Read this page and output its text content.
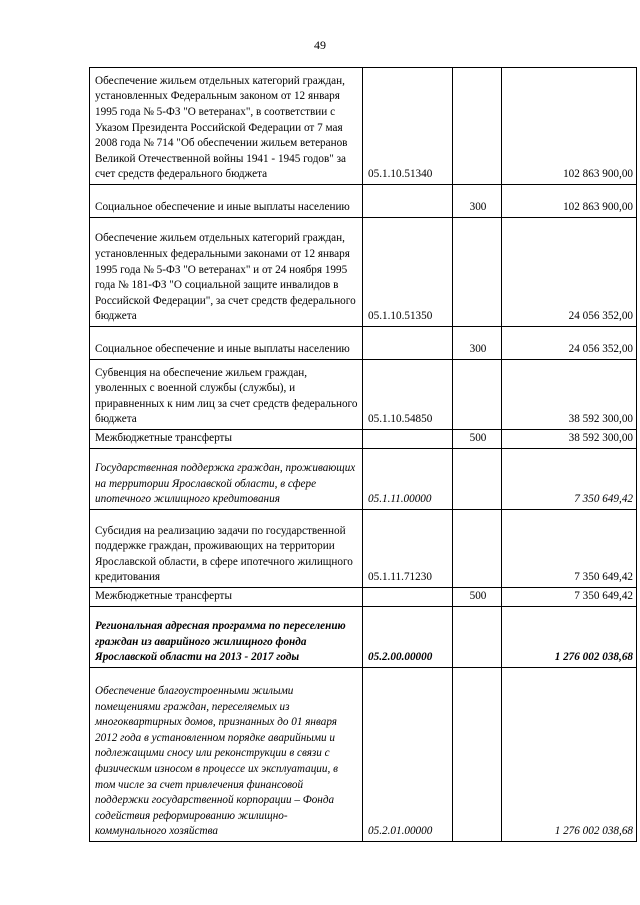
49
Обеспечение жильем отдельных категорий граждан, установленных Федеральным законом от 12 января 1995 года № 5-ФЗ "О ветеранах", в соответствии с Указом Президента Российской Федерации от 7 мая 2008 года № 714 "Об обеспечении жильем ветеранов Великой Отечественной войны 1941 - 1945 годов" за счет средств федерального бюджета	05.1.10.51340		102 863 900,00
Социальное обеспечение и иные выплаты населению		300	102 863 900,00
Обеспечение жильем отдельных категорий граждан, установленных федеральными законами от 12 января 1995 года № 5-ФЗ "О ветеранах" и от 24 ноября 1995 года № 181-ФЗ "О социальной защите инвалидов в Российской Федерации", за счет средств федерального бюджета	05.1.10.51350		24 056 352,00
Социальное обеспечение и иные выплаты населению		300	24 056 352,00
Субвенция на обеспечение жильем граждан, уволенных с военной службы (службы), и приравненных к ним лиц за счет средств федерального бюджета	05.1.10.54850		38 592 300,00
Межбюджетные трансферты		500	38 592 300,00
Государственная поддержка граждан, проживающих на территории Ярославской области, в сфере ипотечного жилищного кредитования	05.1.11.00000		7 350 649,42
Субсидия на реализацию задачи по государственной поддержке граждан, проживающих на территории Ярославской области, в сфере ипотечного жилищного кредитования	05.1.11.71230		7 350 649,42
Межбюджетные трансферты		500	7 350 649,42
Региональная адресная программа по переселению граждан из аварийного жилищного фонда Ярославской области на 2013 - 2017 годы	05.2.00.00000		1 276 002 038,68
Обеспечение благоустроенными жилыми помещениями граждан, переселяемых из многоквартирных домов, признанных до 01 января 2012 года в установленном порядке аварийными и подлежащими сносу или реконструкции в связи с физическим износом в процессе их эксплуатации, в том числе за счет привлечения финансовой поддержки государственной корпорации – Фонда содействия реформированию жилищно-коммунального хозяйства	05.2.01.00000		1 276 002 038,68
